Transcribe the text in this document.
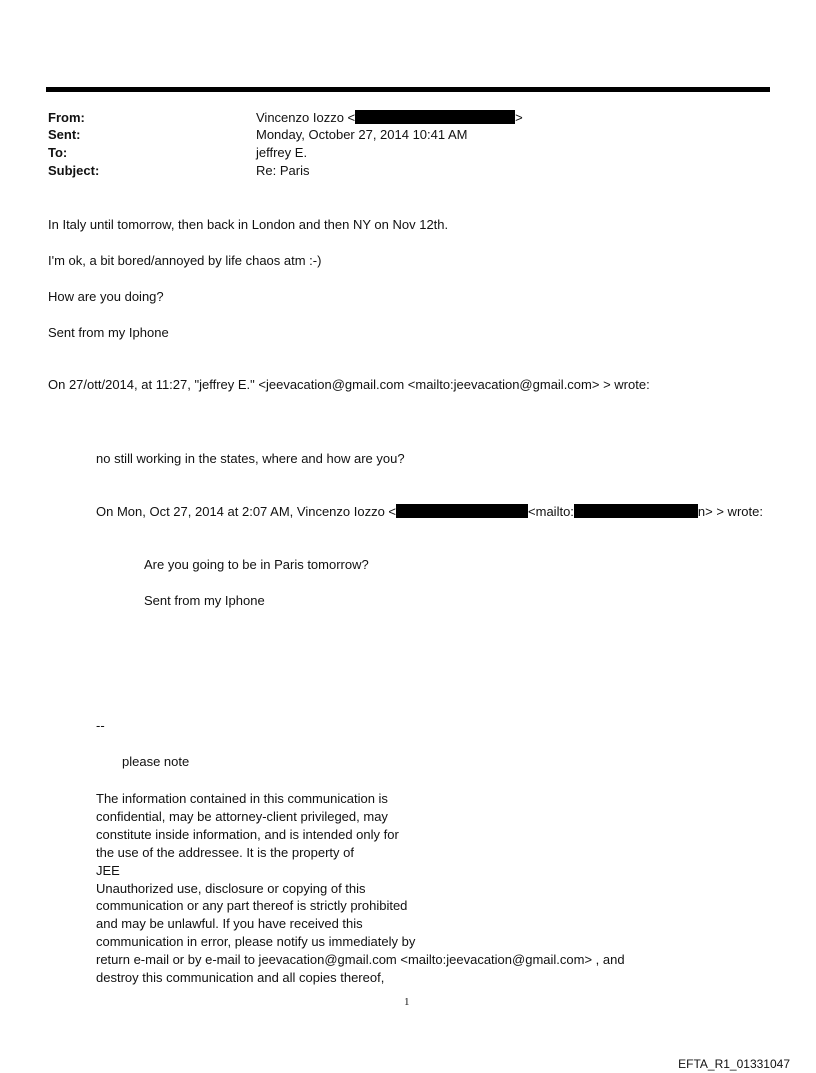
From:	Vincenzo Iozzo <	>
Sent:	Monday, October 27, 2014 10:41 AM
To:	jeffrey E.
Subject:	Re: Paris
In Italy until tomorrow, then back in London and then NY on Nov 12th.
I'm ok, a bit bored/annoyed by life chaos atm :-)
How are you doing?
Sent from my Iphone
On 27/ott/2014, at 11:27, "jeffrey E." <jeevacation@gmail.com <mailto:jeevacation@gmail.com> > wrote:
no still working in the states, where and how are you?
On Mon, Oct 27, 2014 at 2:07 AM, Vincenzo Iozzo <	<mailto:	n> > wrote:
Are you going to be in Paris tomorrow?
Sent from my Iphone
--
please note
The information contained in this communication is
confidential, may be attorney-client privileged, may
constitute inside information, and is intended only for
the use of the addressee. It is the property of
JEE
Unauthorized use, disclosure or copying of this
communication or any part thereof is strictly prohibited
and may be unlawful. If you have received this
communication in error, please notify us immediately by
return e-mail or by e-mail to jeevacation@gmail.com <mailto:jeevacation@gmail.com> , and
destroy this communication and all copies thereof,
1
EFTA_R1_01331047
